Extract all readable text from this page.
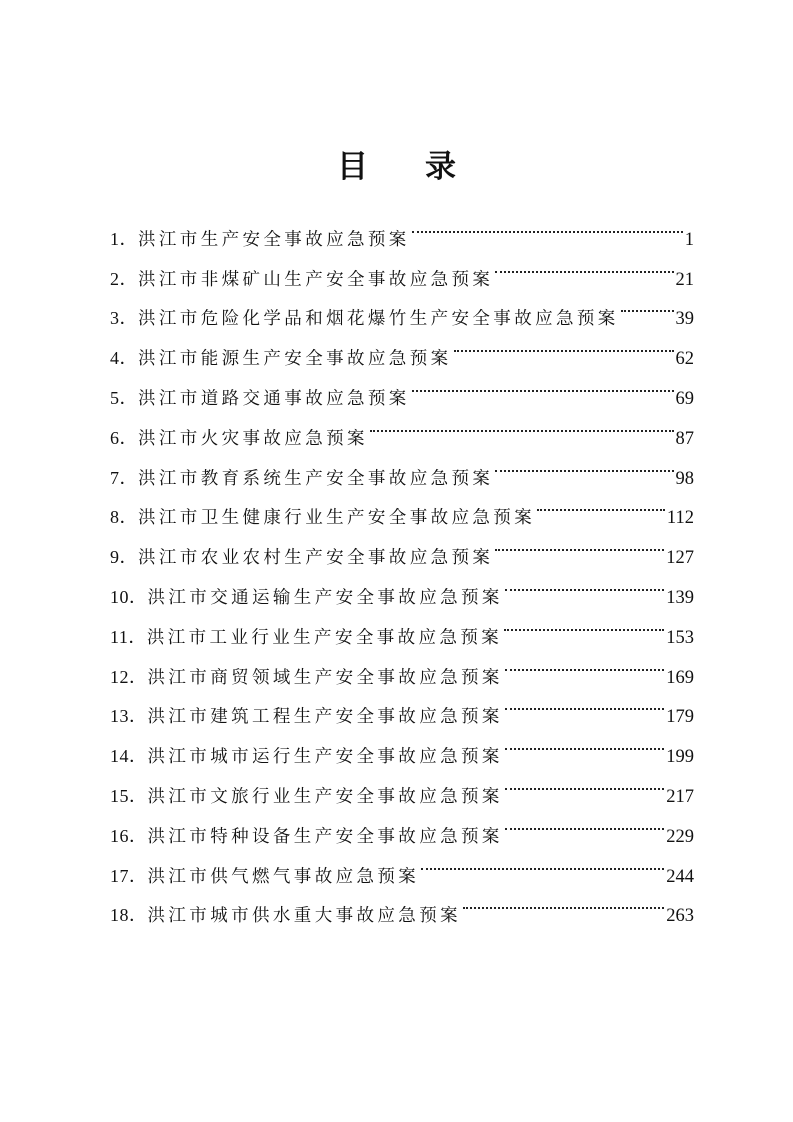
目 录
1． 洪江市生产安全事故应急预案	1
2． 洪江市非煤矿山生产安全事故应急预案	21
3． 洪江市危险化学品和烟花爆竹生产安全事故应急预案	39
4． 洪江市能源生产安全事故应急预案	62
5． 洪江市道路交通事故应急预案	69
6． 洪江市火灾事故应急预案	87
7． 洪江市教育系统生产安全事故应急预案	98
8． 洪江市卫生健康行业生产安全事故应急预案	112
9． 洪江市农业农村生产安全事故应急预案	127
10． 洪江市交通运输生产安全事故应急预案	139
11． 洪江市工业行业生产安全事故应急预案	153
12． 洪江市商贸领域生产安全事故应急预案	169
13． 洪江市建筑工程生产安全事故应急预案	179
14． 洪江市城市运行生产安全事故应急预案	199
15． 洪江市文旅行业生产安全事故应急预案	217
16． 洪江市特种设备生产安全事故应急预案	229
17． 洪江市供气燃气事故应急预案	244
18． 洪江市城市供水重大事故应急预案	263
